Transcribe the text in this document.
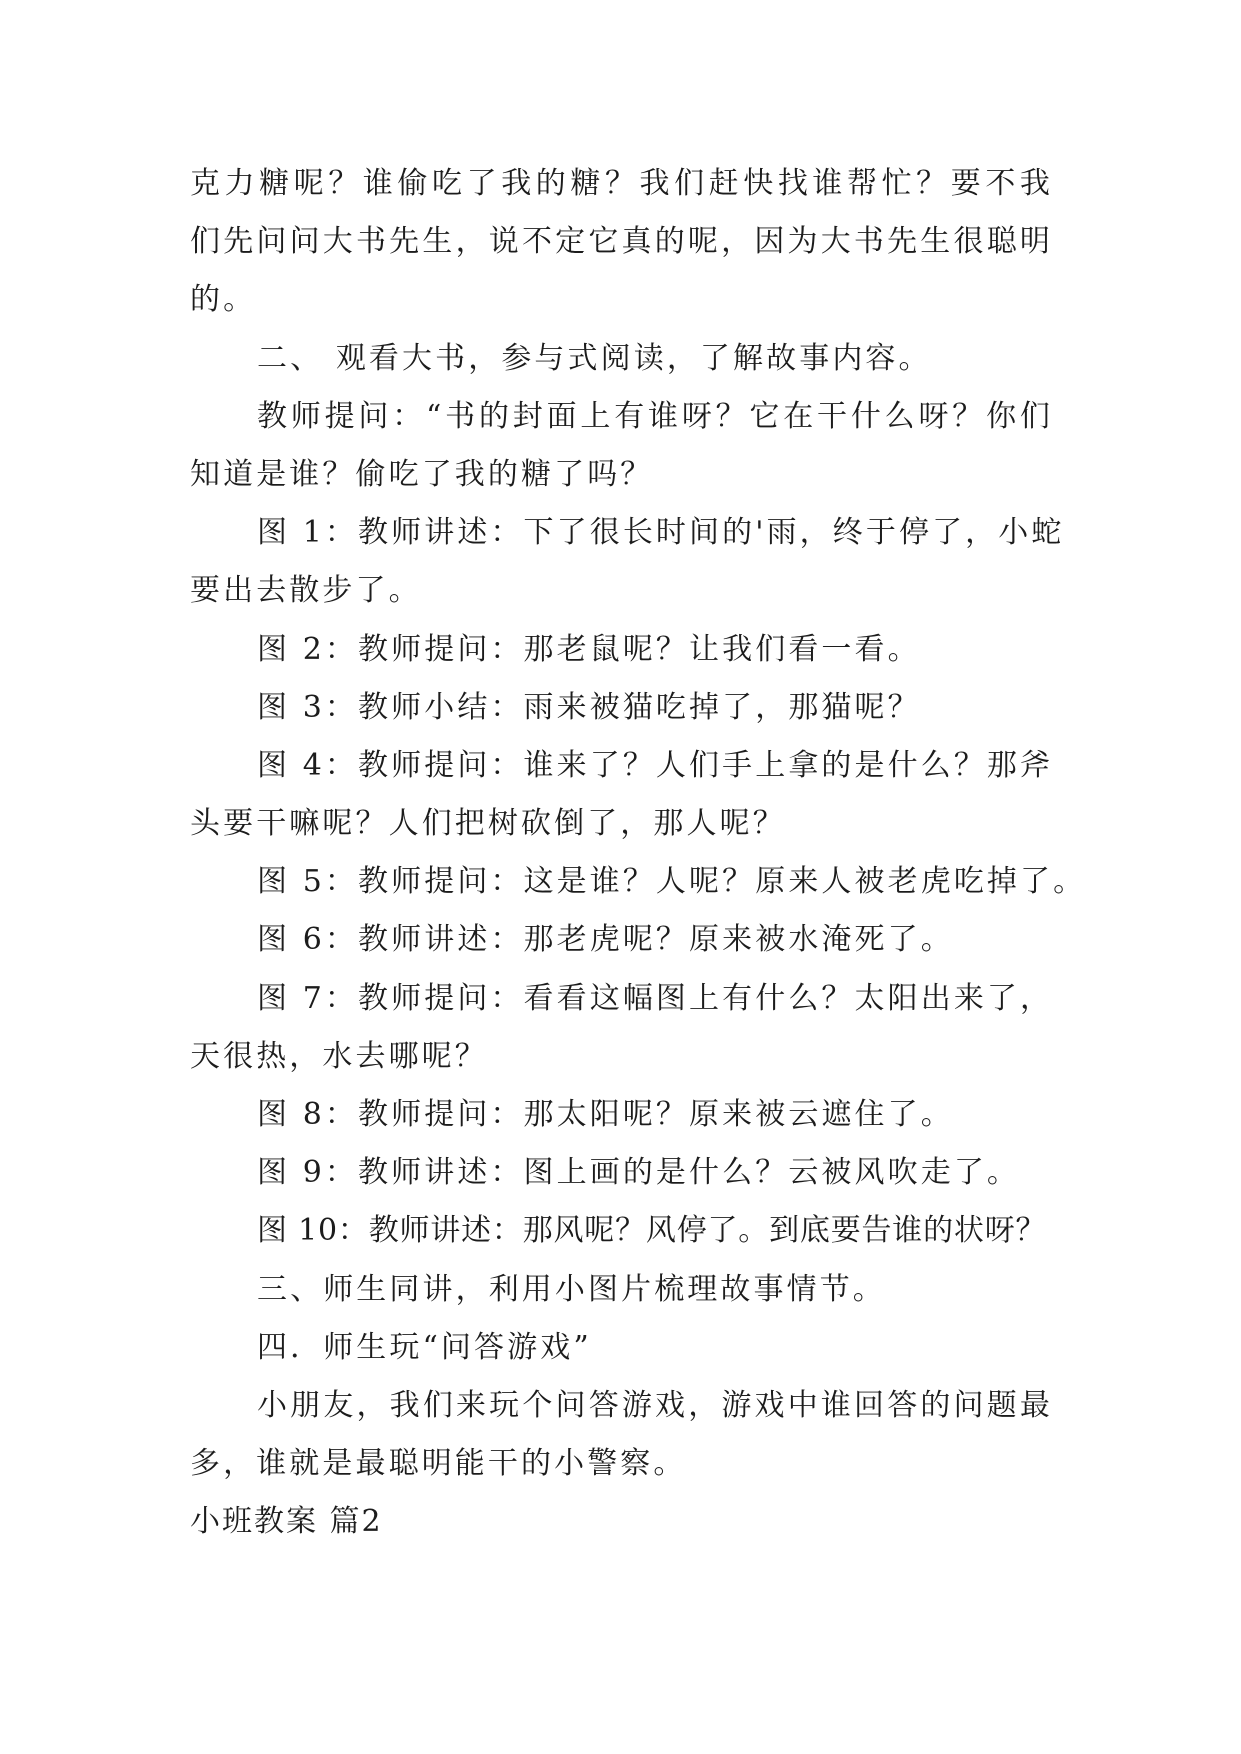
克力糖呢？谁偷吃了我的糖？我们赶快找谁帮忙？要不我
们先问问大书先生，说不定它真的呢，因为大书先生很聪明
的。
二、 观看大书，参与式阅读，了解故事内容。
教师提问：“书的封面上有谁呀？它在干什么呀？你们
知道是谁？偷吃了我的糖了吗？
图 1：教师讲述：下了很长时间的'雨，终于停了，小蛇
要出去散步了。
图 2：教师提问：那老鼠呢？让我们看一看。
图 3：教师小结：雨来被猫吃掉了，那猫呢？
图 4：教师提问：谁来了？人们手上拿的是什么？那斧
头要干嘛呢？人们把树砍倒了，那人呢？
图 5：教师提问：这是谁？人呢？原来人被老虎吃掉了。
图 6：教师讲述：那老虎呢？原来被水淹死了。
图 7：教师提问：看看这幅图上有什么？太阳出来了，
天很热，水去哪呢？
图 8：教师提问：那太阳呢？原来被云遮住了。
图 9：教师讲述：图上画的是什么？云被风吹走了。
图 10：教师讲述：那风呢？风停了。到底要告谁的状呀？
三、师生同讲，利用小图片梳理故事情节。
四．师生玩“问答游戏”
小朋友，我们来玩个问答游戏，游戏中谁回答的问题最
多，谁就是最聪明能干的小警察。
小班教案 篇2
